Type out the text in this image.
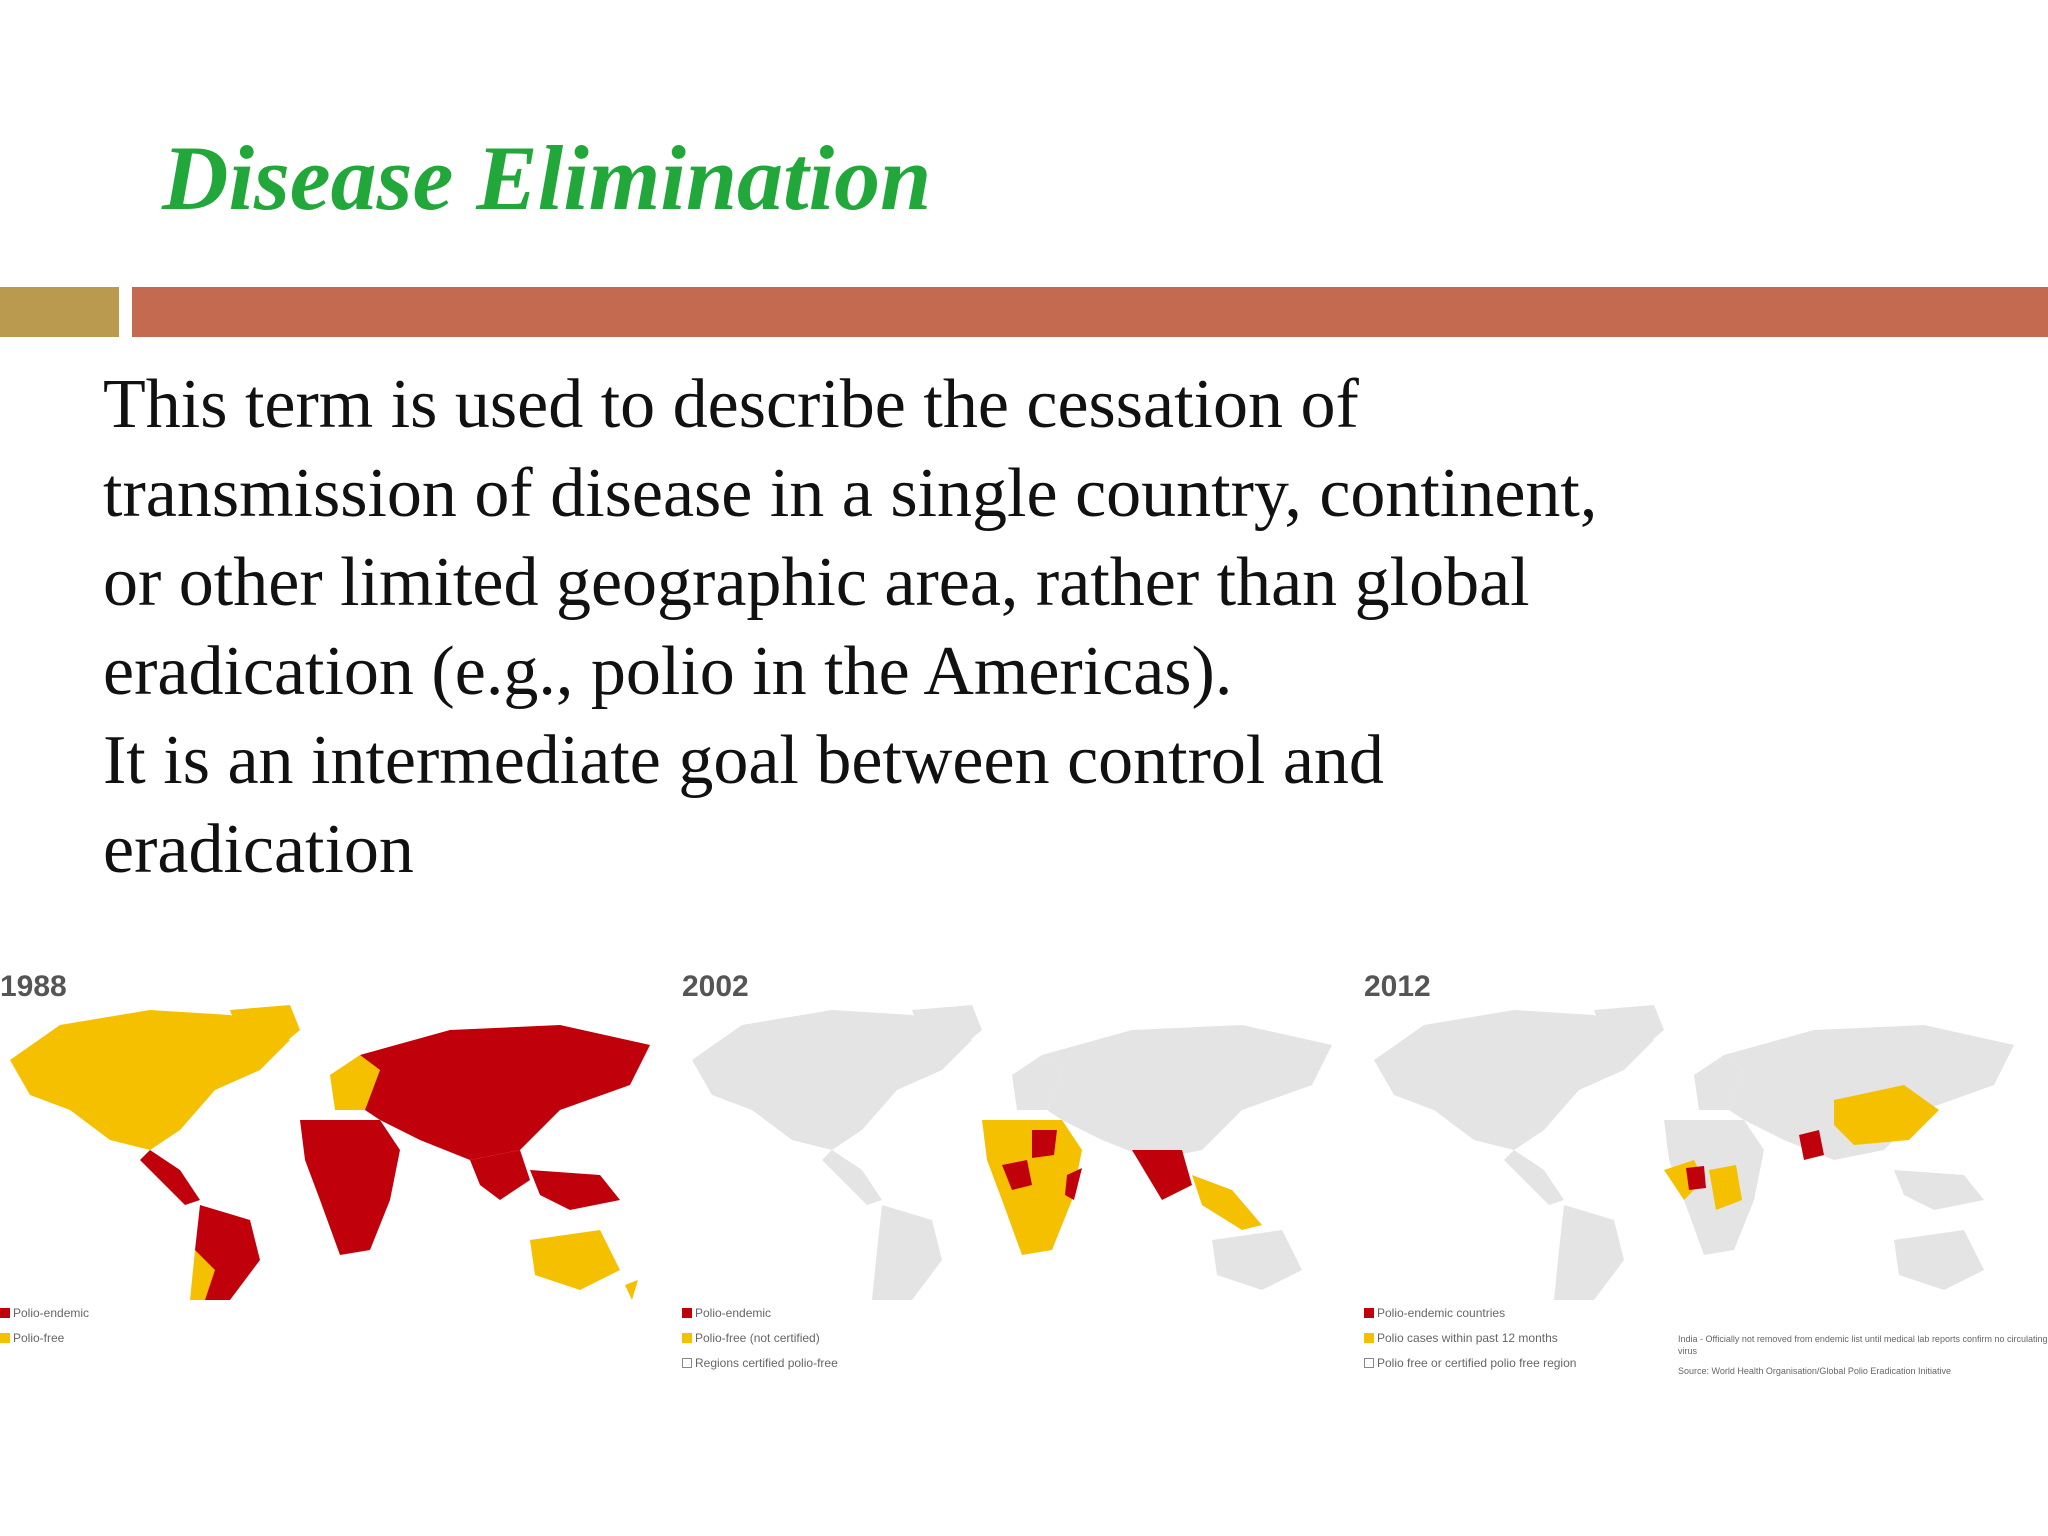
Disease Elimination

This term is used to describe the cessation of transmission of disease in a single country, continent, or other limited geographic area, rather than global eradication (e.g., polio in the Americas).

It is an intermediate goal between control and eradication

1988
Polio-endemic
Polio-free
2002
Polio-endemic
Polio-free (not certified)
Regions certified polio-free
2012
Polio-endemic countries
Polio cases within past 12 months
Polio free or certified polio free region

India - Officially not removed from endemic list until medical lab reports confirm no circulating virus

Source: World Health Organisation/Global Polio Eradication Initiative
